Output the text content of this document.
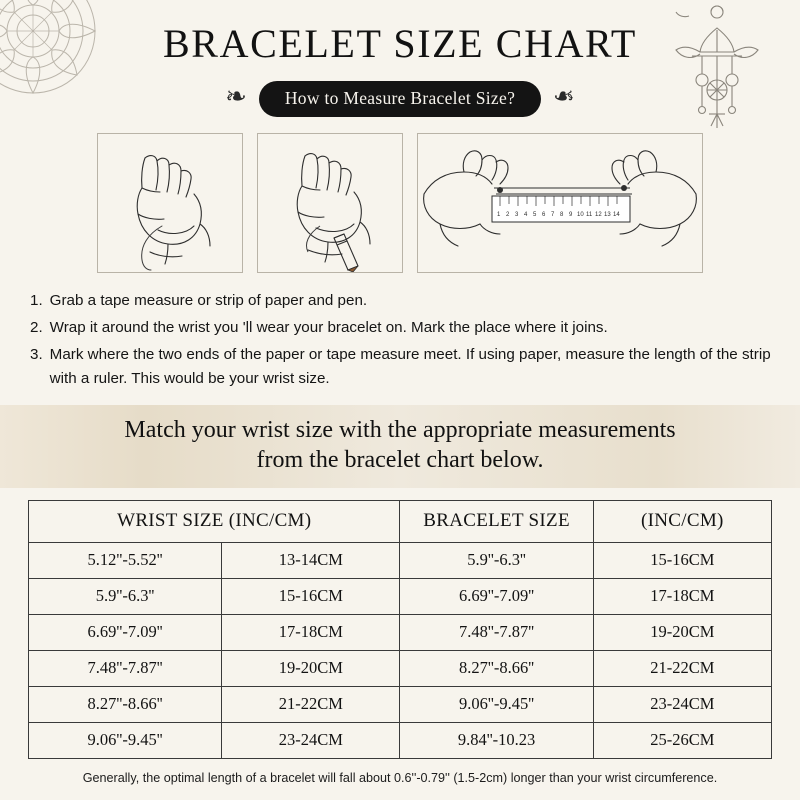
BRACELET SIZE CHART
❧	How to Measure Bracelet Size?	❧
1 2 3 4 5 6 7 8 9 10 11 12 13 14
1. Grab a tape measure or strip of paper and pen.
2. Wrap it around the wrist you 'll wear your bracelet on. Mark the place where it joins.
3. Mark where the two ends of the paper or tape measure meet. If using paper, measure the length of the strip with a ruler. This would be your wrist size.
Match your wrist size with the appropriate measurements
from the bracelet chart below.
WRIST SIZE (INC/CM)		BRACELET SIZE	(INC/CM)
5.12''-5.52''	13-14CM	5.9''-6.3''	15-16CM
5.9''-6.3''	15-16CM	6.69''-7.09''	17-18CM
6.69''-7.09''	17-18CM	7.48''-7.87''	19-20CM
7.48''-7.87''	19-20CM	8.27''-8.66''	21-22CM
8.27''-8.66''	21-22CM	9.06''-9.45''	23-24CM
9.06''-9.45''	23-24CM	9.84''-10.23	25-26CM
Generally, the optimal length of a bracelet will fall about 0.6''-0.79'' (1.5-2cm) longer than your wrist circumference.
